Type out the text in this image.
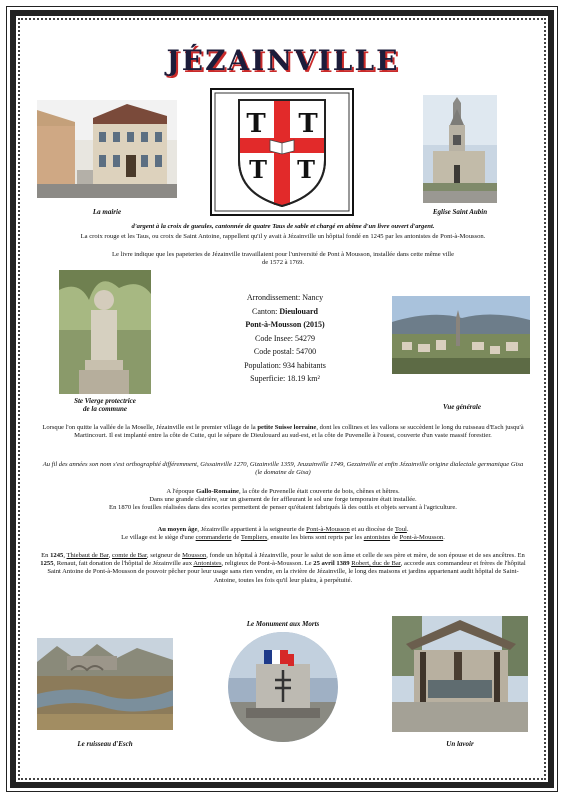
JÉZAINVILLE
La mairie
T T
T T
Eglise Saint Aubin
d'argent à la croix de gueules, cantonnée de quatre Taus de sable et chargé en abîme d'un livre ouvert d'argent.
La croix rouge et les Taus, ou croix de Saint Antoine, rappellent qu'il y avait à Jézainville un hôpital fondé en 1245 par les antonistes de Pont-à-Mousson.
Le livre indique que les papeteries de Jézainville travaillaient pour l'université de Pont à Mousson, installée dans cette même ville de 1572 à 1769.
Ste Vierge protectrice
de la commune
Arrondissement: Nancy
Canton: Dieulouard
Pont-à-Mousson (2015)
Code Insee: 54279
Code postal: 54700
Population: 934 habitants
Superficie: 18.19 km²
Vue générale
Lorsque l'on quitte la vallée de la Moselle, Jézainville est le premier village de la petite Suisse lorraine, dont les collines et les vallons se succèdent le long du ruisseau d'Esch jusqu'à Martincourt. Il est implanté entre la côte de Cuite, qui le sépare de Dieulouard au sud-est, et la côte de Puvenelle à l'ouest, couverte d'un vaste massif forestier.
Au fil des années son nom s'est orthographié différemment, Gissainville 1270, Gizainville 1359, Jeuzainville 1749, Gezainville et enfin Jézainville origine dialectale germanique Gisa (le domaine de Gisa)
A l'époque Gallo-Romaine, la côte de Puvenelle était couverte de bois, chênes et hêtres.
Dans une grande clairière, sur un gisement de fer affleurant le sol une forge temporaire était installée.
En 1870 les fouilles réalisées dans des scories permettent de penser qu'étaient fabriqués là des outils et objets servant à l'agriculture.
Au moyen âge, Jézainville appartient à la seigneurie de Pont-à-Mousson et au diocèse de Toul.
Le village est le siège d'une commanderie de Templiers, ensuite les biens sont repris par les antonistes de Pont-à-Mousson.
En 1245, Thiebaut de Bar, comte de Bar, seigneur de Mousson, fonde un hôpital à Jézainville, pour le salut de son âme et celle de ses père et mère, de son épouse et de ses ancêtres. En 1255, Renaut, fait donation de l'hôpital de Jézainville aux Antonistes, religieux de Pont-à-Mousson. Le 25 avril 1389 Robert, duc de Bar, accorde aux commandeur et frères de l'hôpital Saint Antoine de Pont-à-Mousson de pouvoir pêcher pour leur usage sans rien vendre, en la rivière de Jézainville, le long des maisons et jardins appartenant audit hôpital de Saint-Antoine, toutes les fois qu'il leur plaira, à perpétuité.
Le Monument aux Morts
Le ruisseau d'Esch	Un lavoir
